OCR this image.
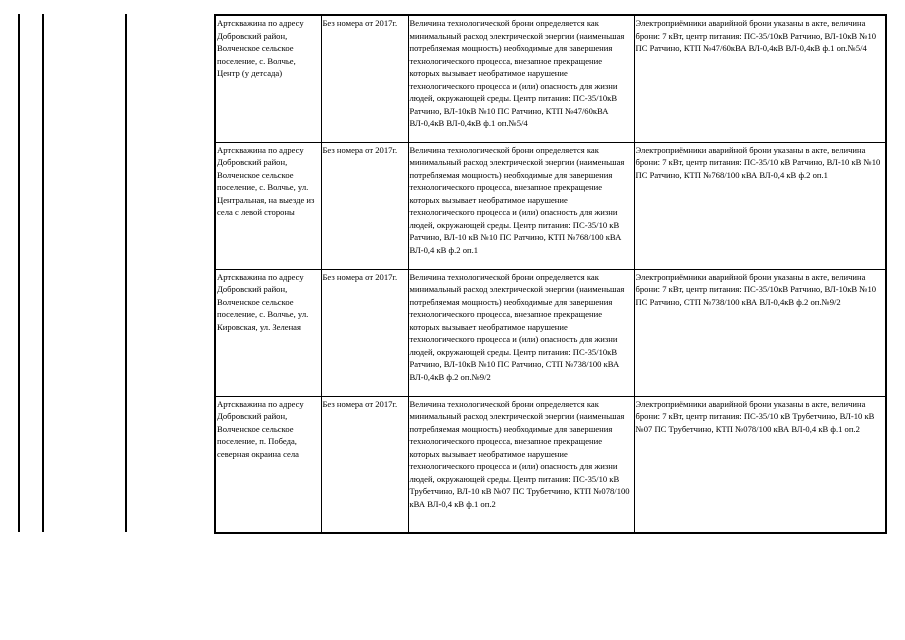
Артскважина по адресу Добровский район, Волченское сельское поселение, с. Волчье, Центр (у детсада)	Без номера от 2017г.	Величина технологической брони определяется как минимальный расход электрической энергии (наименьшая потребляемая мощность) необходимые для завершения технологического процесса, внезапное прекращение которых вызывает необратимое нарушение технологического процесса и (или) опасность для жизни людей, окружающей среды. Центр питания: ПС-35/10кВ Ратчино, ВЛ-10кВ №10 ПС Ратчино, КТП №47/60кВА ВЛ-0,4кВ ВЛ-0,4кВ ф.1 оп.№5/4	Электроприёмники аварийной брони указаны в акте, величина брони: 7 кВт, центр питания: ПС-35/10кВ Ратчино, ВЛ-10кВ №10 ПС Ратчино, КТП №47/60кВА ВЛ-0,4кВ ВЛ-0,4кВ ф.1 оп.№5/4
Артскважина по адресу Добровский район, Волченское сельское поселение, с. Волчье, ул. Центральная, на выезде из села с левой стороны	Без номера от 2017г.	Величина технологической брони определяется как минимальный расход электрической энергии (наименьшая потребляемая мощность) необходимые для завершения технологического процесса, внезапное прекращение которых вызывает необратимое нарушение технологического процесса и (или) опасность для жизни людей, окружающей среды. Центр питания: ПС-35/10 кВ Ратчино, ВЛ-10 кВ №10 ПС Ратчино, КТП №768/100 кВА ВЛ-0,4 кВ ф.2 оп.1	Электроприёмники аварийной брони указаны в акте, величина брони: 7 кВт, центр питания: ПС-35/10 кВ Ратчино, ВЛ-10 кВ №10 ПС Ратчино, КТП №768/100 кВА ВЛ-0,4 кВ ф.2 оп.1
Артскважина по адресу Добровский район, Волченское сельское поселение, с. Волчье, ул. Кировская, ул. Зеленая	Без номера от 2017г.	Величина технологической брони определяется как минимальный расход электрической энергии (наименьшая потребляемая мощность) необходимые для завершения технологического процесса, внезапное прекращение которых вызывает необратимое нарушение технологического процесса и (или) опасность для жизни людей, окружающей среды. Центр питания: ПС-35/10кВ Ратчино, ВЛ-10кВ №10 ПС Ратчино, СТП №738/100 кВА ВЛ-0,4кВ ф.2 оп.№9/2	Электроприёмники аварийной брони указаны в акте, величина брони: 7 кВт, центр питания: ПС-35/10кВ Ратчино, ВЛ-10кВ №10 ПС Ратчино, СТП №738/100 кВА ВЛ-0,4кВ ф.2 оп.№9/2
Артскважина по адресу Добровский район, Волченское сельское поселение, п. Победа, северная окраина села	Без номера от 2017г.	Величина технологической брони определяется как минимальный расход электрической энергии (наименьшая потребляемая мощность) необходимые для завершения технологического процесса, внезапное прекращение которых вызывает необратимое нарушение технологического процесса и (или) опасность для жизни людей, окружающей среды. Центр питания: ПС-35/10 кВ Трубетчино, ВЛ-10 кВ №07 ПС Трубетчино, КТП №078/100 кВА ВЛ-0,4 кВ ф.1 оп.2	Электроприёмники аварийной брони указаны в акте, величина брони: 7 кВт, центр питания: ПС-35/10 кВ Трубетчино, ВЛ-10 кВ №07 ПС Трубетчино, КТП №078/100 кВА ВЛ-0,4 кВ ф.1 оп.2
